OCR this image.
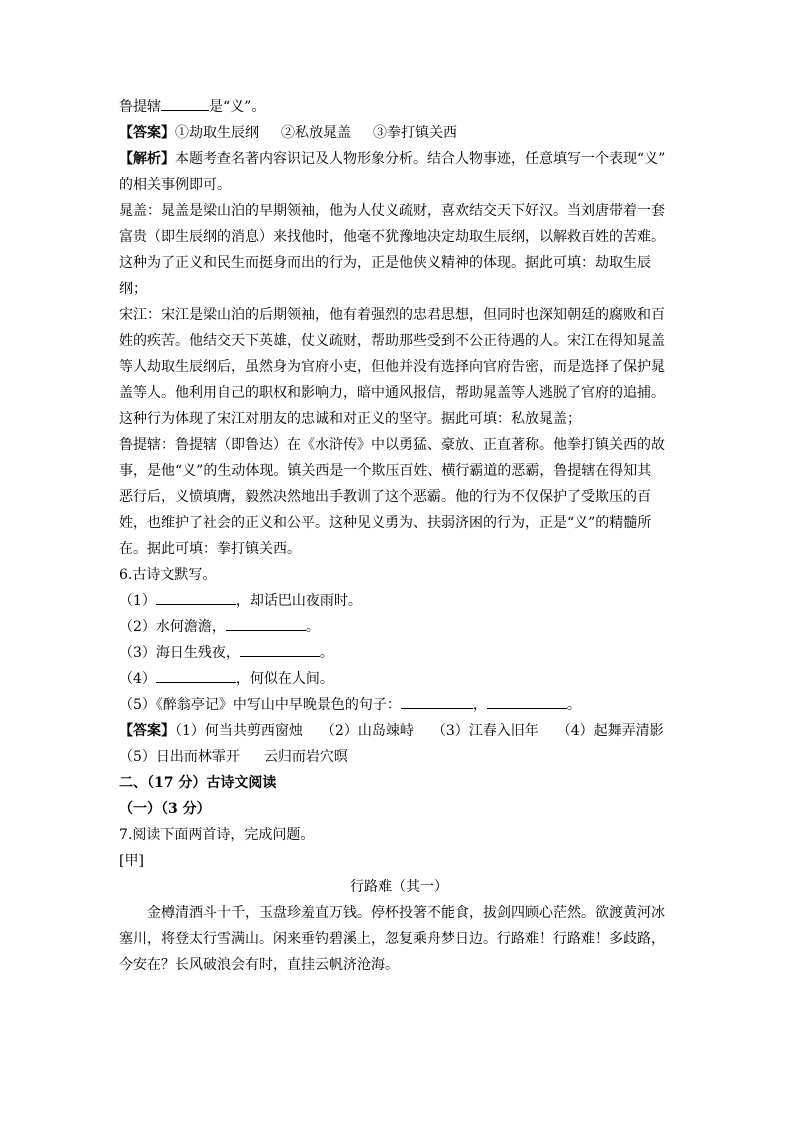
鲁提辖	是“义”。
【答案】①劫取生辰纲 ②私放晁盖 ③拳打镇关西
【解析】本题考查名著内容识记及人物形象分析。结合人物事迹，任意填写一个表现“义”
的相关事例即可。
晁盖：晁盖是梁山泊的早期领袖，他为人仗义疏财，喜欢结交天下好汉。当刘唐带着一套
富贵（即生辰纲的消息）来找他时，他毫不犹豫地决定劫取生辰纲，以解救百姓的苦难。
这种为了正义和民生而挺身而出的行为，正是他侠义精神的体现。据此可填：劫取生辰
纲；
宋江：宋江是梁山泊的后期领袖，他有着强烈的忠君思想，但同时也深知朝廷的腐败和百
姓的疾苦。他结交天下英雄，仗义疏财，帮助那些受到不公正待遇的人。宋江在得知晁盖
等人劫取生辰纲后，虽然身为官府小吏，但他并没有选择向官府告密，而是选择了保护晁
盖等人。他利用自己的职权和影响力，暗中通风报信，帮助晁盖等人逃脱了官府的追捕。
这种行为体现了宋江对朋友的忠诚和对正义的坚守。据此可填：私放晁盖；
鲁提辖：鲁提辖（即鲁达）在《水浒传》中以勇猛、豪放、正直著称。他拳打镇关西的故
事，是他“义”的生动体现。镇关西是一个欺压百姓、横行霸道的恶霸，鲁提辖在得知其
恶行后，义愤填膺，毅然决然地出手教训了这个恶霸。他的行为不仅保护了受欺压的百
姓，也维护了社会的正义和公平。这种见义勇为、扶弱济困的行为，正是“义”的精髓所
在。据此可填：拳打镇关西。
6.古诗文默写。
（1）	，却话巴山夜雨时。
（2）水何澹澹，	。
（3）海日生残夜，	。
（4）	，何似在人间。
（5）《醉翁亭记》中写山中早晚景色的句子：	，	。
【答案】（1）何当共剪西窗烛 （2）山岛竦峙 （3）江春入旧年 （4）起舞弄清影
（5）日出而林霏开 云归而岩穴暝
二、（17 分）古诗文阅读
（一）（3 分）
7.阅读下面两首诗，完成问题。
[甲]
行路难（其一）
金樽清酒斗十千，玉盘珍羞直万钱。停杯投箸不能食，拔剑四顾心茫然。欲渡黄河冰
塞川，将登太行雪满山。闲来垂钓碧溪上，忽复乘舟梦日边。行路难！行路难！多歧路，
今安在？长风破浪会有时，直挂云帆济沧海。
